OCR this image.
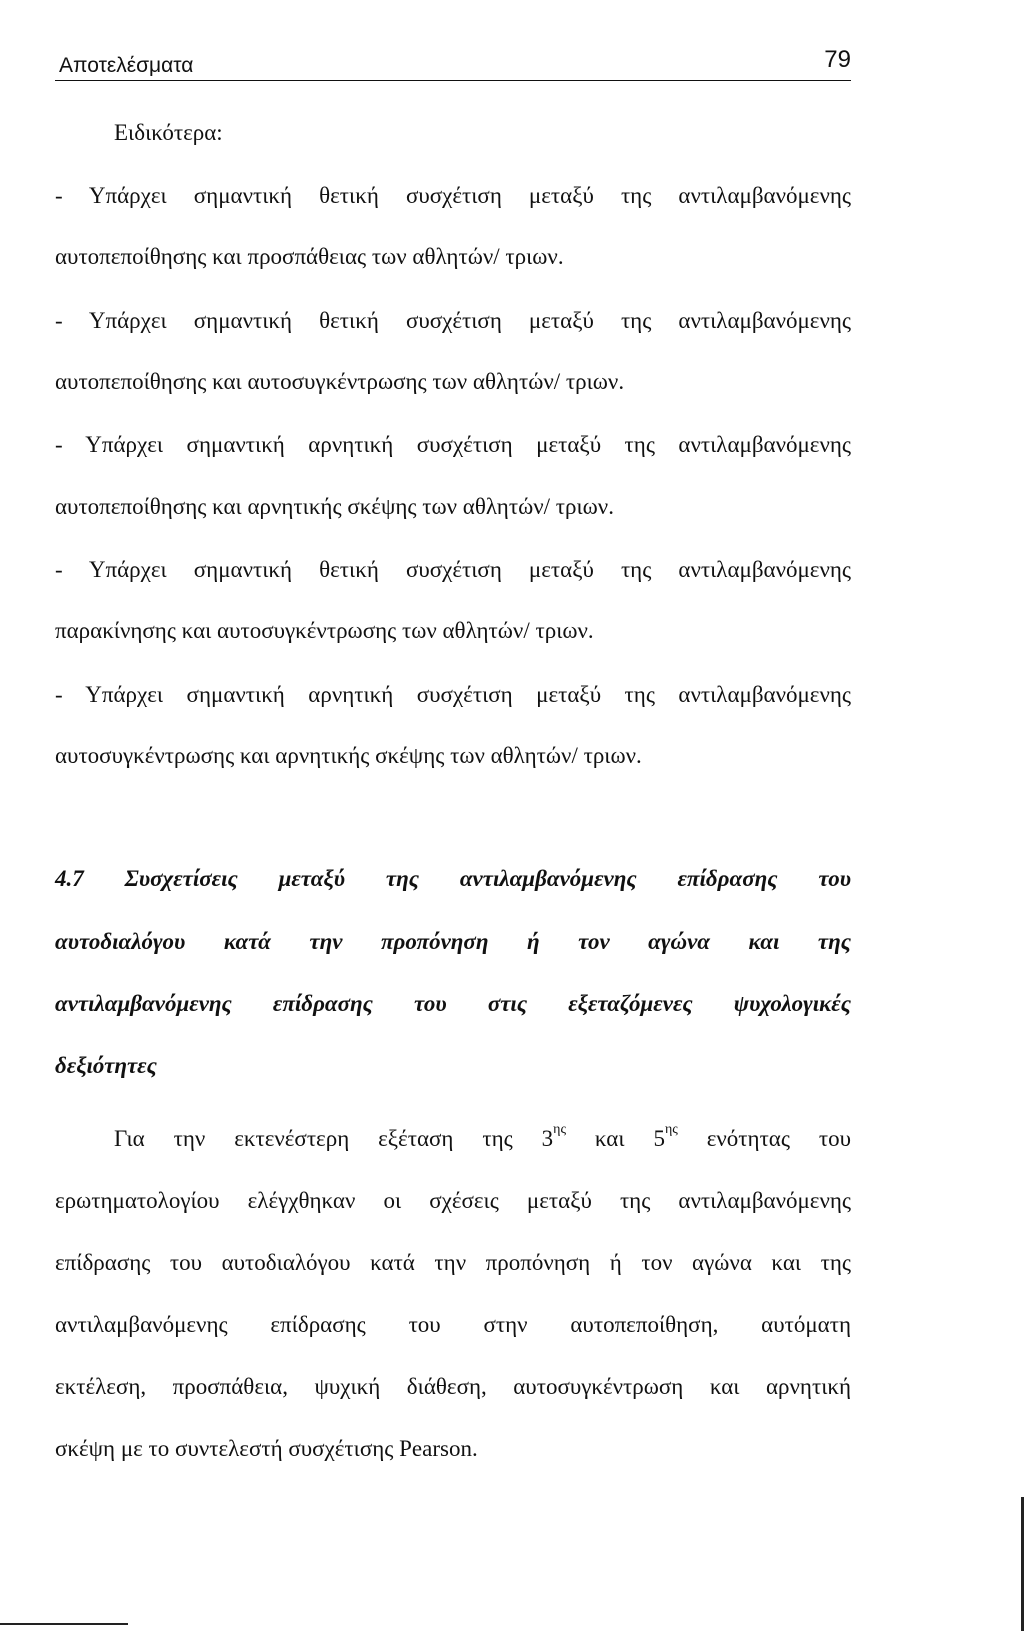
Αποτελέσματα	79
Ειδικότερα:
- Υπάρχει σημαντική θετική συσχέτιση μεταξύ της αντιλαμβανόμενης
αυτοπεποίθησης και προσπάθειας των αθλητών/ τριων.
- Υπάρχει σημαντική θετική συσχέτιση μεταξύ της αντιλαμβανόμενης
αυτοπεποίθησης και αυτοσυγκέντρωσης των αθλητών/ τριων.
- Υπάρχει σημαντική αρνητική συσχέτιση μεταξύ της αντιλαμβανόμενης
αυτοπεποίθησης και αρνητικής σκέψης των αθλητών/ τριων.
- Υπάρχει σημαντική θετική συσχέτιση μεταξύ της αντιλαμβανόμενης
παρακίνησης και αυτοσυγκέντρωσης των αθλητών/ τριων.
- Υπάρχει σημαντική αρνητική συσχέτιση μεταξύ της αντιλαμβανόμενης
αυτοσυγκέντρωσης και αρνητικής σκέψης των αθλητών/ τριων.
4.7 Συσχετίσεις μεταξύ της αντιλαμβανόμενης επίδρασης του
αυτοδιαλόγου κατά την προπόνηση ή τον αγώνα και της
αντιλαμβανόμενης επίδρασης του στις εξεταζόμενες ψυχολογικές
δεξιότητες
Για την εκτενέστερη εξέταση της $3^{\eta\varsigma}$ και $5^{\eta\varsigma}$ ενότητας του
ερωτηματολογίου ελέγχθηκαν οι σχέσεις μεταξύ της αντιλαμβανόμενης
επίδρασης του αυτοδιαλόγου κατά την προπόνηση ή τον αγώνα και της
αντιλαμβανόμενης επίδρασης του στην αυτοπεποίθηση, αυτόματη
εκτέλεση, προσπάθεια, ψυχική διάθεση, αυτοσυγκέντρωση και αρνητική
σκέψη με το συντελεστή συσχέτισης Pearson.
